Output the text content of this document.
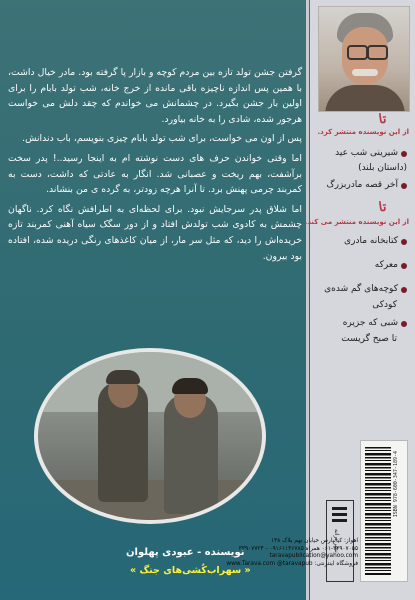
تا
از این نویسنده منتشر کرد.
شیرینی شب عید
(داستان بلند)
آخر قصه مادربزرگ
تا
از این نویسنده منتشر می کند.
کتابخانه مادری
معرکه
کوچه‌های گم شده‌ی
کودکی
شبی که جزیره
تا صبح گریست
ISBN 978-600-347-189-4
نشر ترانه

گرفتن جشن تولد تازه بین مردم کوچه و بازار پا گرفته بود. مادر خیال داشت، با همین پس اندازه ناچیزه باقی مانده از خرج خانه، شب تولد بابام را برای اولین بار جشن بگیرد. در چشمانش می خواندم که چقد دلش می خواست هرجور شده، شادی را به خانه بیاورد.

پس از اون می خواست، برای شب تولد بابام چیزی بنویسم، باب دندانش.

اما وقتی خواندن حرف های دست نوشته ام به اینجا رسید..! پدر سخت برآشفت، بهم ریخت و عصبانی شد. انگار به عادتی که داشت، دست به کمربند چرمی پهنش برد. تا آنرا هرچه زودتر، به گرده ی من بنشاند.

اما شلاق پدر سرجایش نبود. برای لحظه‌ای به اطرافش نگاه کرد. ناگهان چشمش به کادوی شب تولدش افتاد و از دور سگک سیاه آهنی کمربند تازه خریده‌اش را دید، که مثل سر مار، از میان کاغذهای رنگی دریده شده، افتاده بود بیرون.

اهواز: کیانپارس خیابان نهم بلاک ۱۳۸
۰۶۱-۳۳۹۰۷۰۵۵ همراه ۰۹۱۶۱۱۳۶۷۸۵ - ۳۳۹۰۷۷۲۴
taravapublication@yahoo.com
فروشگاه اینترنتی: www.Tarava.com @taravapub
نویسنده - عبودی پهلوان
« سهراب‌کُشی‌های جنگ »
